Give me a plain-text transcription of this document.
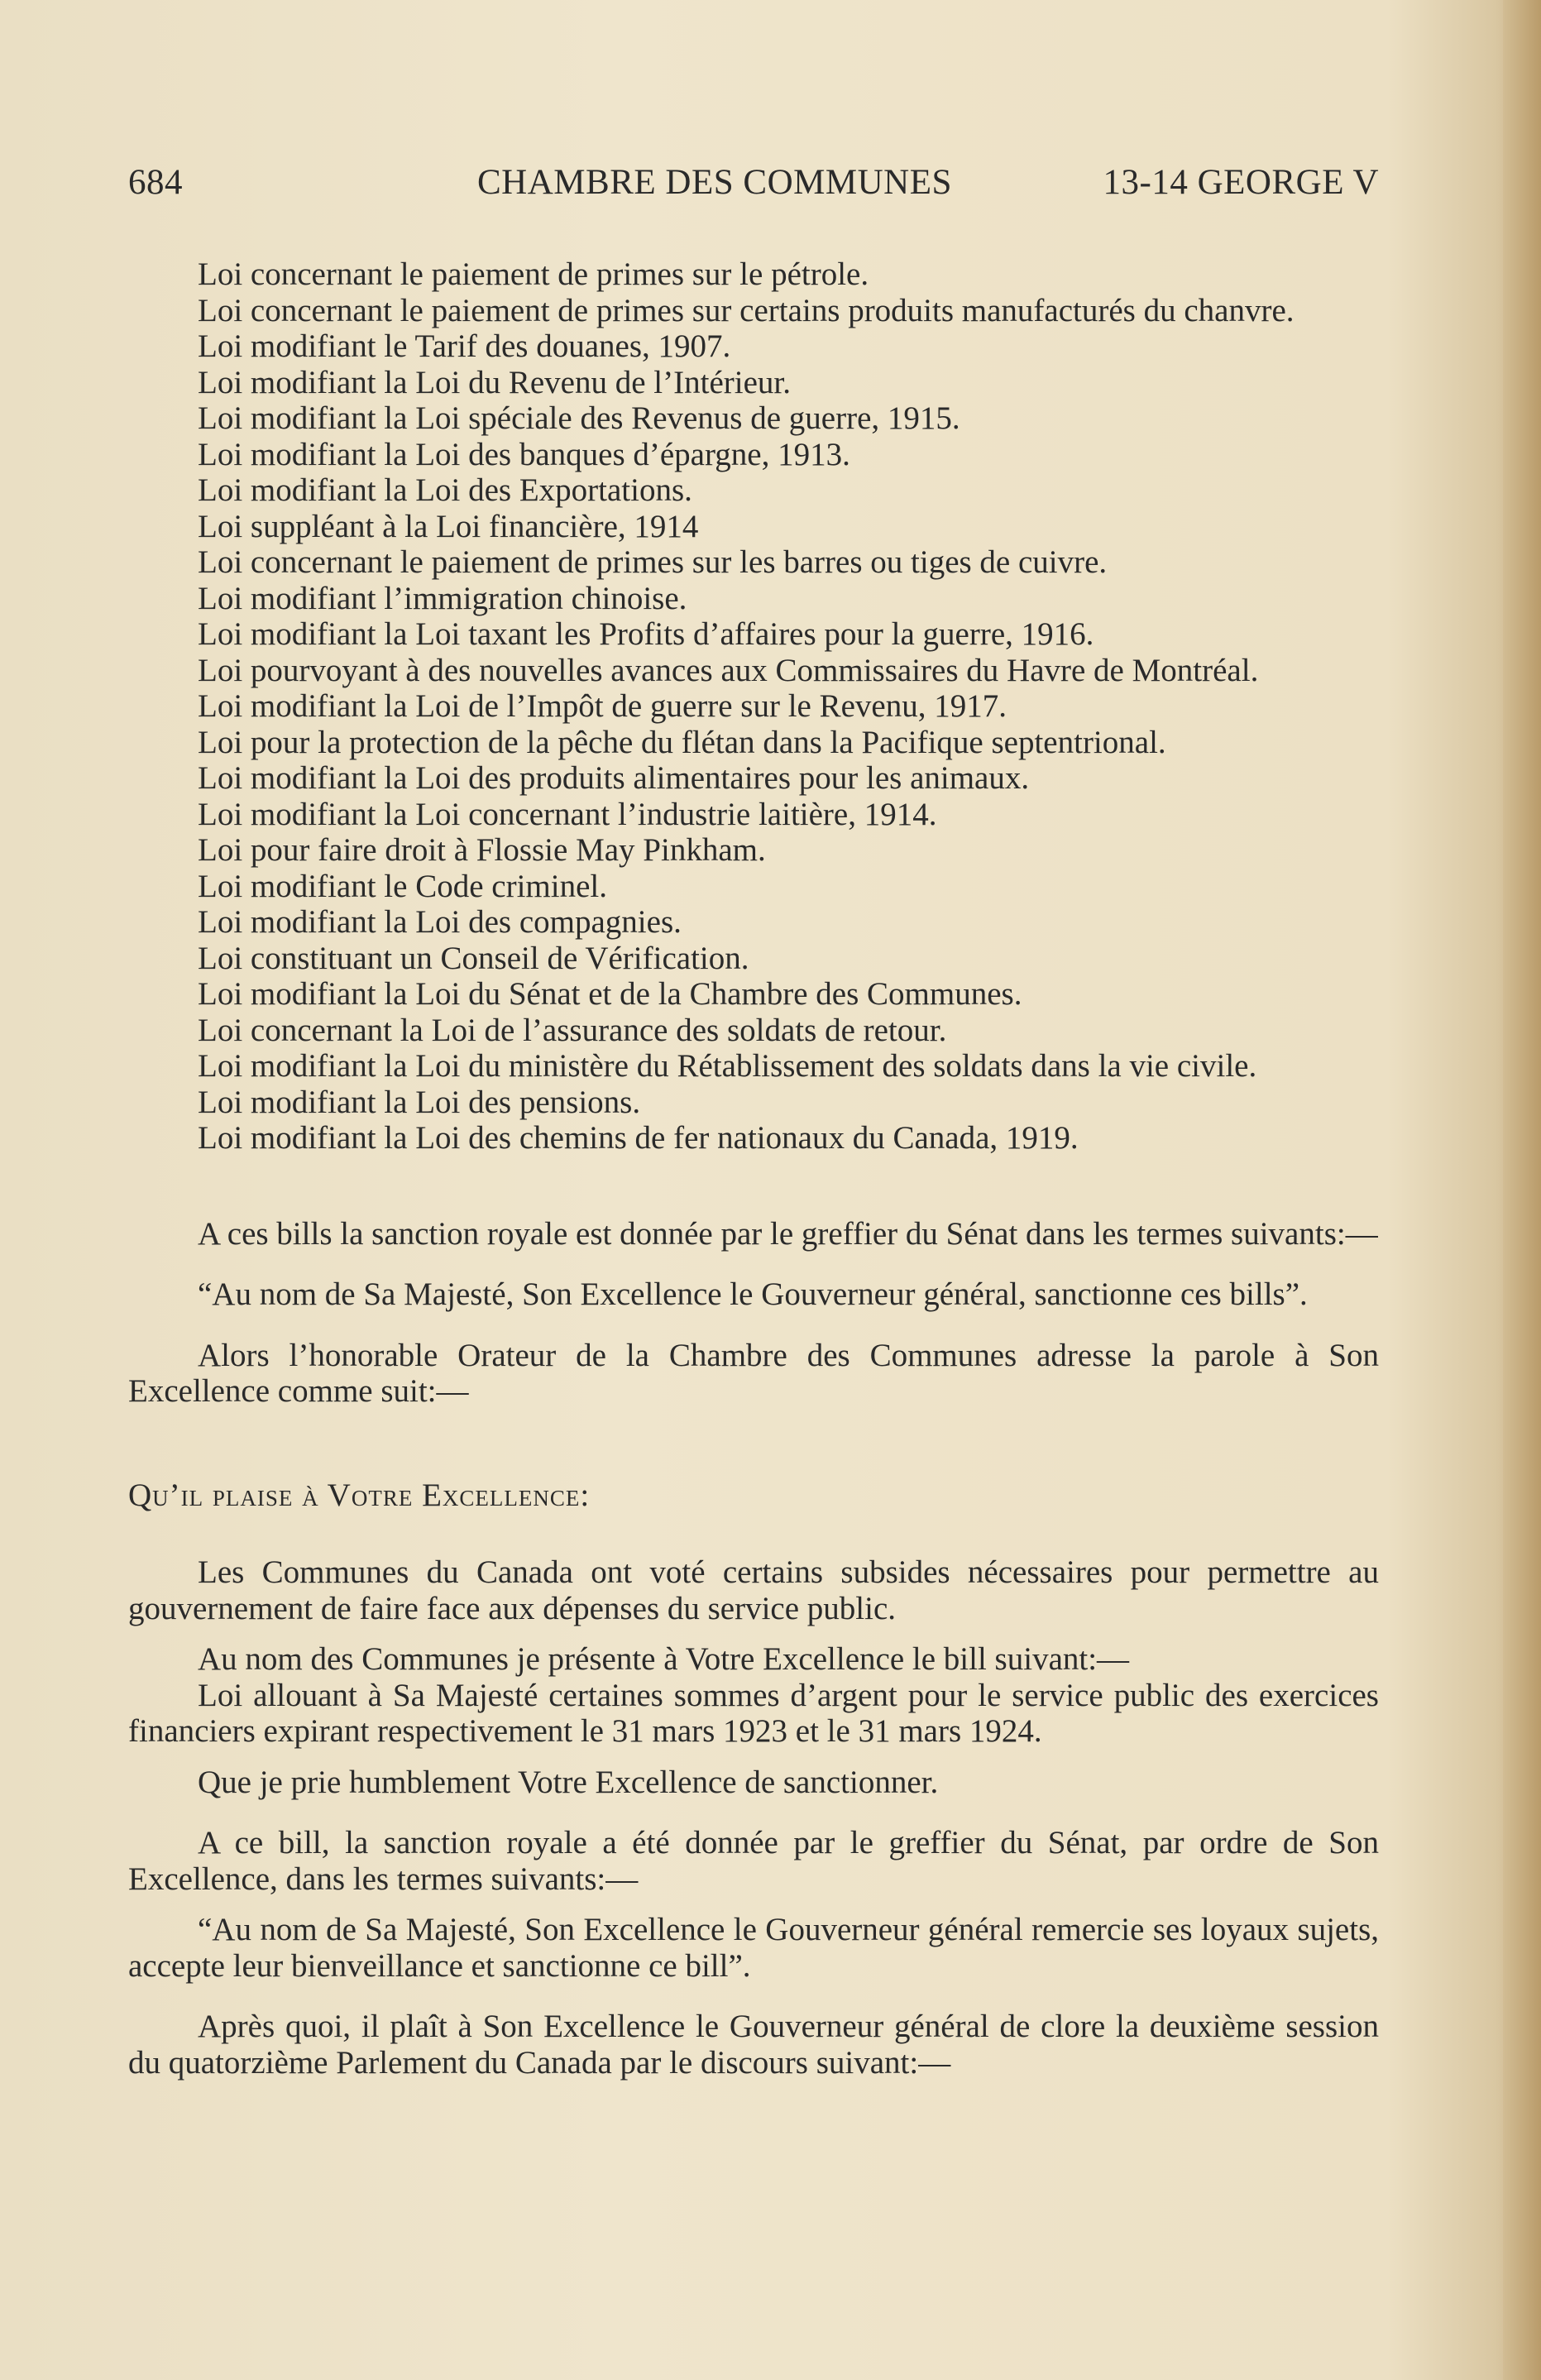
684	CHAMBRE DES COMMUNES	13-14 GEORGE V
Loi concernant le paiement de primes sur le pétrole.
Loi concernant le paiement de primes sur certains produits manufacturés du chanvre.
Loi modifiant le Tarif des douanes, 1907.
Loi modifiant la Loi du Revenu de l’Intérieur.
Loi modifiant la Loi spéciale des Revenus de guerre, 1915.
Loi modifiant la Loi des banques d’épargne, 1913.
Loi modifiant la Loi des Exportations.
Loi suppléant à la Loi financière, 1914
Loi concernant le paiement de primes sur les barres ou tiges de cuivre.
Loi modifiant l’immigration chinoise.
Loi modifiant la Loi taxant les Profits d’affaires pour la guerre, 1916.
Loi pourvoyant à des nouvelles avances aux Commissaires du Havre de Montréal.
Loi modifiant la Loi de l’Impôt de guerre sur le Revenu, 1917.
Loi pour la protection de la pêche du flétan dans la Pacifique septentrional.
Loi modifiant la Loi des produits alimentaires pour les animaux.
Loi modifiant la Loi concernant l’industrie laitière, 1914.
Loi pour faire droit à Flossie May Pinkham.
Loi modifiant le Code criminel.
Loi modifiant la Loi des compagnies.
Loi constituant un Conseil de Vérification.
Loi modifiant la Loi du Sénat et de la Chambre des Communes.
Loi concernant la Loi de l’assurance des soldats de retour.
Loi modifiant la Loi du ministère du Rétablissement des soldats dans la vie civile.
Loi modifiant la Loi des pensions.
Loi modifiant la Loi des chemins de fer nationaux du Canada, 1919.

A ces bills la sanction royale est donnée par le greffier du Sénat dans les termes suivants:—

“Au nom de Sa Majesté, Son Excellence le Gouverneur général, sanctionne ces bills”.

Alors l’honorable Orateur de la Chambre des Communes adresse la parole à Son Excellence comme suit:—

Qu’il plaise à Votre Excellence:

Les Communes du Canada ont voté certains subsides nécessaires pour permettre au gouvernement de faire face aux dépenses du service public.

Au nom des Communes je présente à Votre Excellence le bill suivant:—

Loi allouant à Sa Majesté certaines sommes d’argent pour le service public des exercices financiers expirant respectivement le 31 mars 1923 et le 31 mars 1924.

Que je prie humblement Votre Excellence de sanctionner.

A ce bill, la sanction royale a été donnée par le greffier du Sénat, par ordre de Son Excellence, dans les termes suivants:—

“Au nom de Sa Majesté, Son Excellence le Gouverneur général remercie ses loyaux sujets, accepte leur bienveillance et sanctionne ce bill”.

Après quoi, il plaît à Son Excellence le Gouverneur général de clore la deuxième session du quatorzième Parlement du Canada par le discours suivant:—
